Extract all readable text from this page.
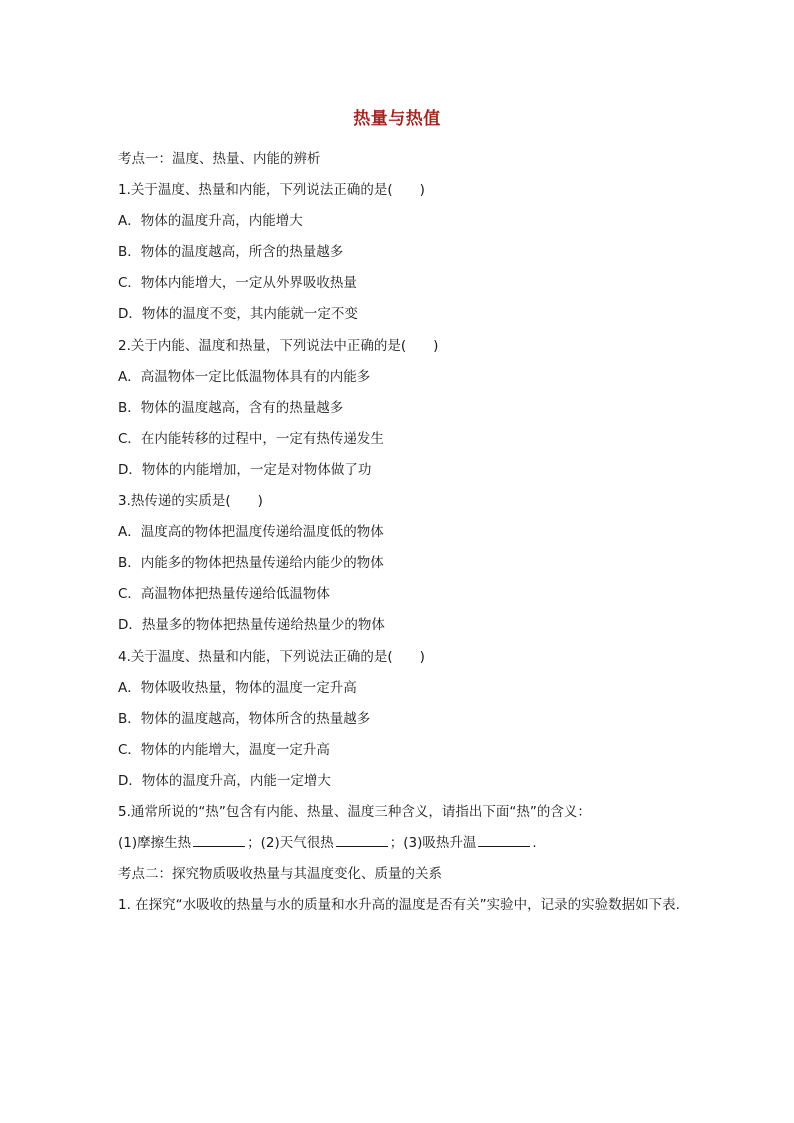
热量与热值
考点一：温度、热量、内能的辨析
1.关于温度、热量和内能，下列说法正确的是(　　)
A．物体的温度升高，内能增大
B．物体的温度越高，所含的热量越多
C．物体内能增大，一定从外界吸收热量
D．物体的温度不变，其内能就一定不变
2.关于内能、温度和热量，下列说法中正确的是(　　)
A．高温物体一定比低温物体具有的内能多
B．物体的温度越高，含有的热量越多
C．在内能转移的过程中，一定有热传递发生
D．物体的内能增加，一定是对物体做了功
3.热传递的实质是(　　)
A．温度高的物体把温度传递给温度低的物体
B．内能多的物体把热量传递给内能少的物体
C．高温物体把热量传递给低温物体
D．热量多的物体把热量传递给热量少的物体
4.关于温度、热量和内能，下列说法正确的是(　　)
A．物体吸收热量，物体的温度一定升高
B．物体的温度越高，物体所含的热量越多
C．物体的内能增大，温度一定升高
D．物体的温度升高，内能一定增大
5.通常所说的“热”包含有内能、热量、温度三种含义，请指出下面“热”的含义：
(1)摩擦生热	；(2)天气很热	；(3)吸热升温	.
考点二：探究物质吸收热量与其温度变化、质量的关系
1. 在探究“水吸收的热量与水的质量和水升高的温度是否有关”实验中，记录的实验数据如下表.
